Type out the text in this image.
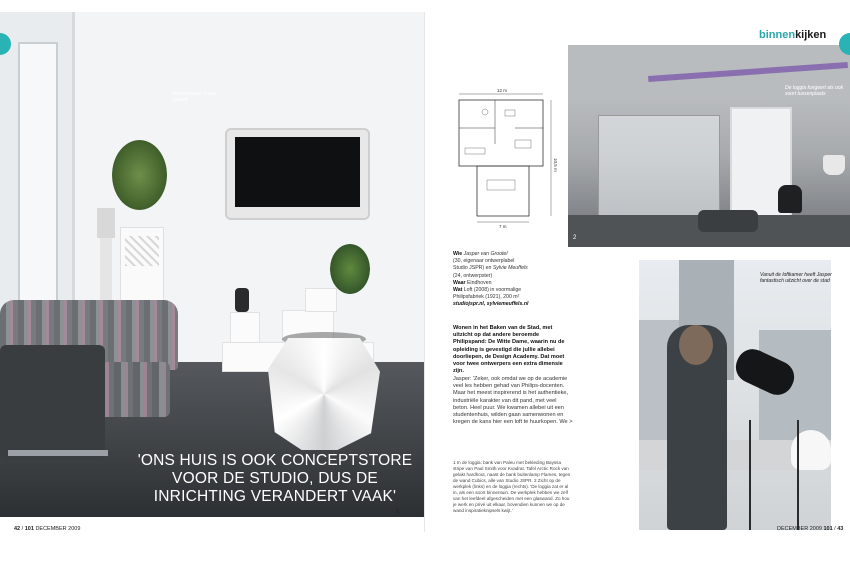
binnenkamer is een bruusk
'ONS HUIS IS OOK CONCEPTSTORE VOOR DE STUDIO, DUS DE INRICHTING VERANDERT VAAK'
1
42 / 101 DECEMBER 2009
binnenkijken
12 m
10,5 m
7 m
De loggia fungeert als ook soort tussenplaats
2
Vanuit de loftkamer heeft Jasper fantastisch uitzicht over de stad
Wie Jasper van Grootel
(30, eigenaar ontwerplabel
Studio JSPR) en Sylvie Meuffels
(24, ontwerpster)
Waar Eindhoven
Wat Loft (2008) in voormalige
Philipsfabriek (1921), 200 m²
studiojspr.nl, sylviemeuffels.nl
Wonen in het Baken van de Stad, met uitzicht op dat andere beroemde Philipspand: De Witte Dame, waarin nu de opleiding is gevestigd die jullie allebei doorliepen, de Design Academy. Dat moet voor twee ontwerpers een extra dimensie zijn.
Jasper: 'Zeker, ook omdat we op de academie veel les hebben gehad van Philips-docenten. Maar het meest inspirerend is het authentieke, industriële karakter van dit pand, met veel beton. Heel puur. We kwamen allebei uit een studentenhuis, wilden gaan samenwonen en kregen de kans hier een loft te huurkopen. We >
1 In de loggia: bank van Paleu met bekleding Bayssa stripe van Paul Smith voor Kvadrat. Tafel Arctic Rock van gelakt hardhout, naast de bank buitenlamp Flames, tegen de wand Cubics, alle van Studio JSPR. 2 Zicht op de werkplek (links) en de loggia (rechts). 'De loggia zat er al in, als een soort binnentuin. De werkplek hebben we zelf van het leefdeel afgescheiden met een glaswand. Zo hou je werk en privé uit elkaar, bovendien kunnen we op de wand inspiratieknipsels kwijt.'
DECEMBER 2009 101 / 43
